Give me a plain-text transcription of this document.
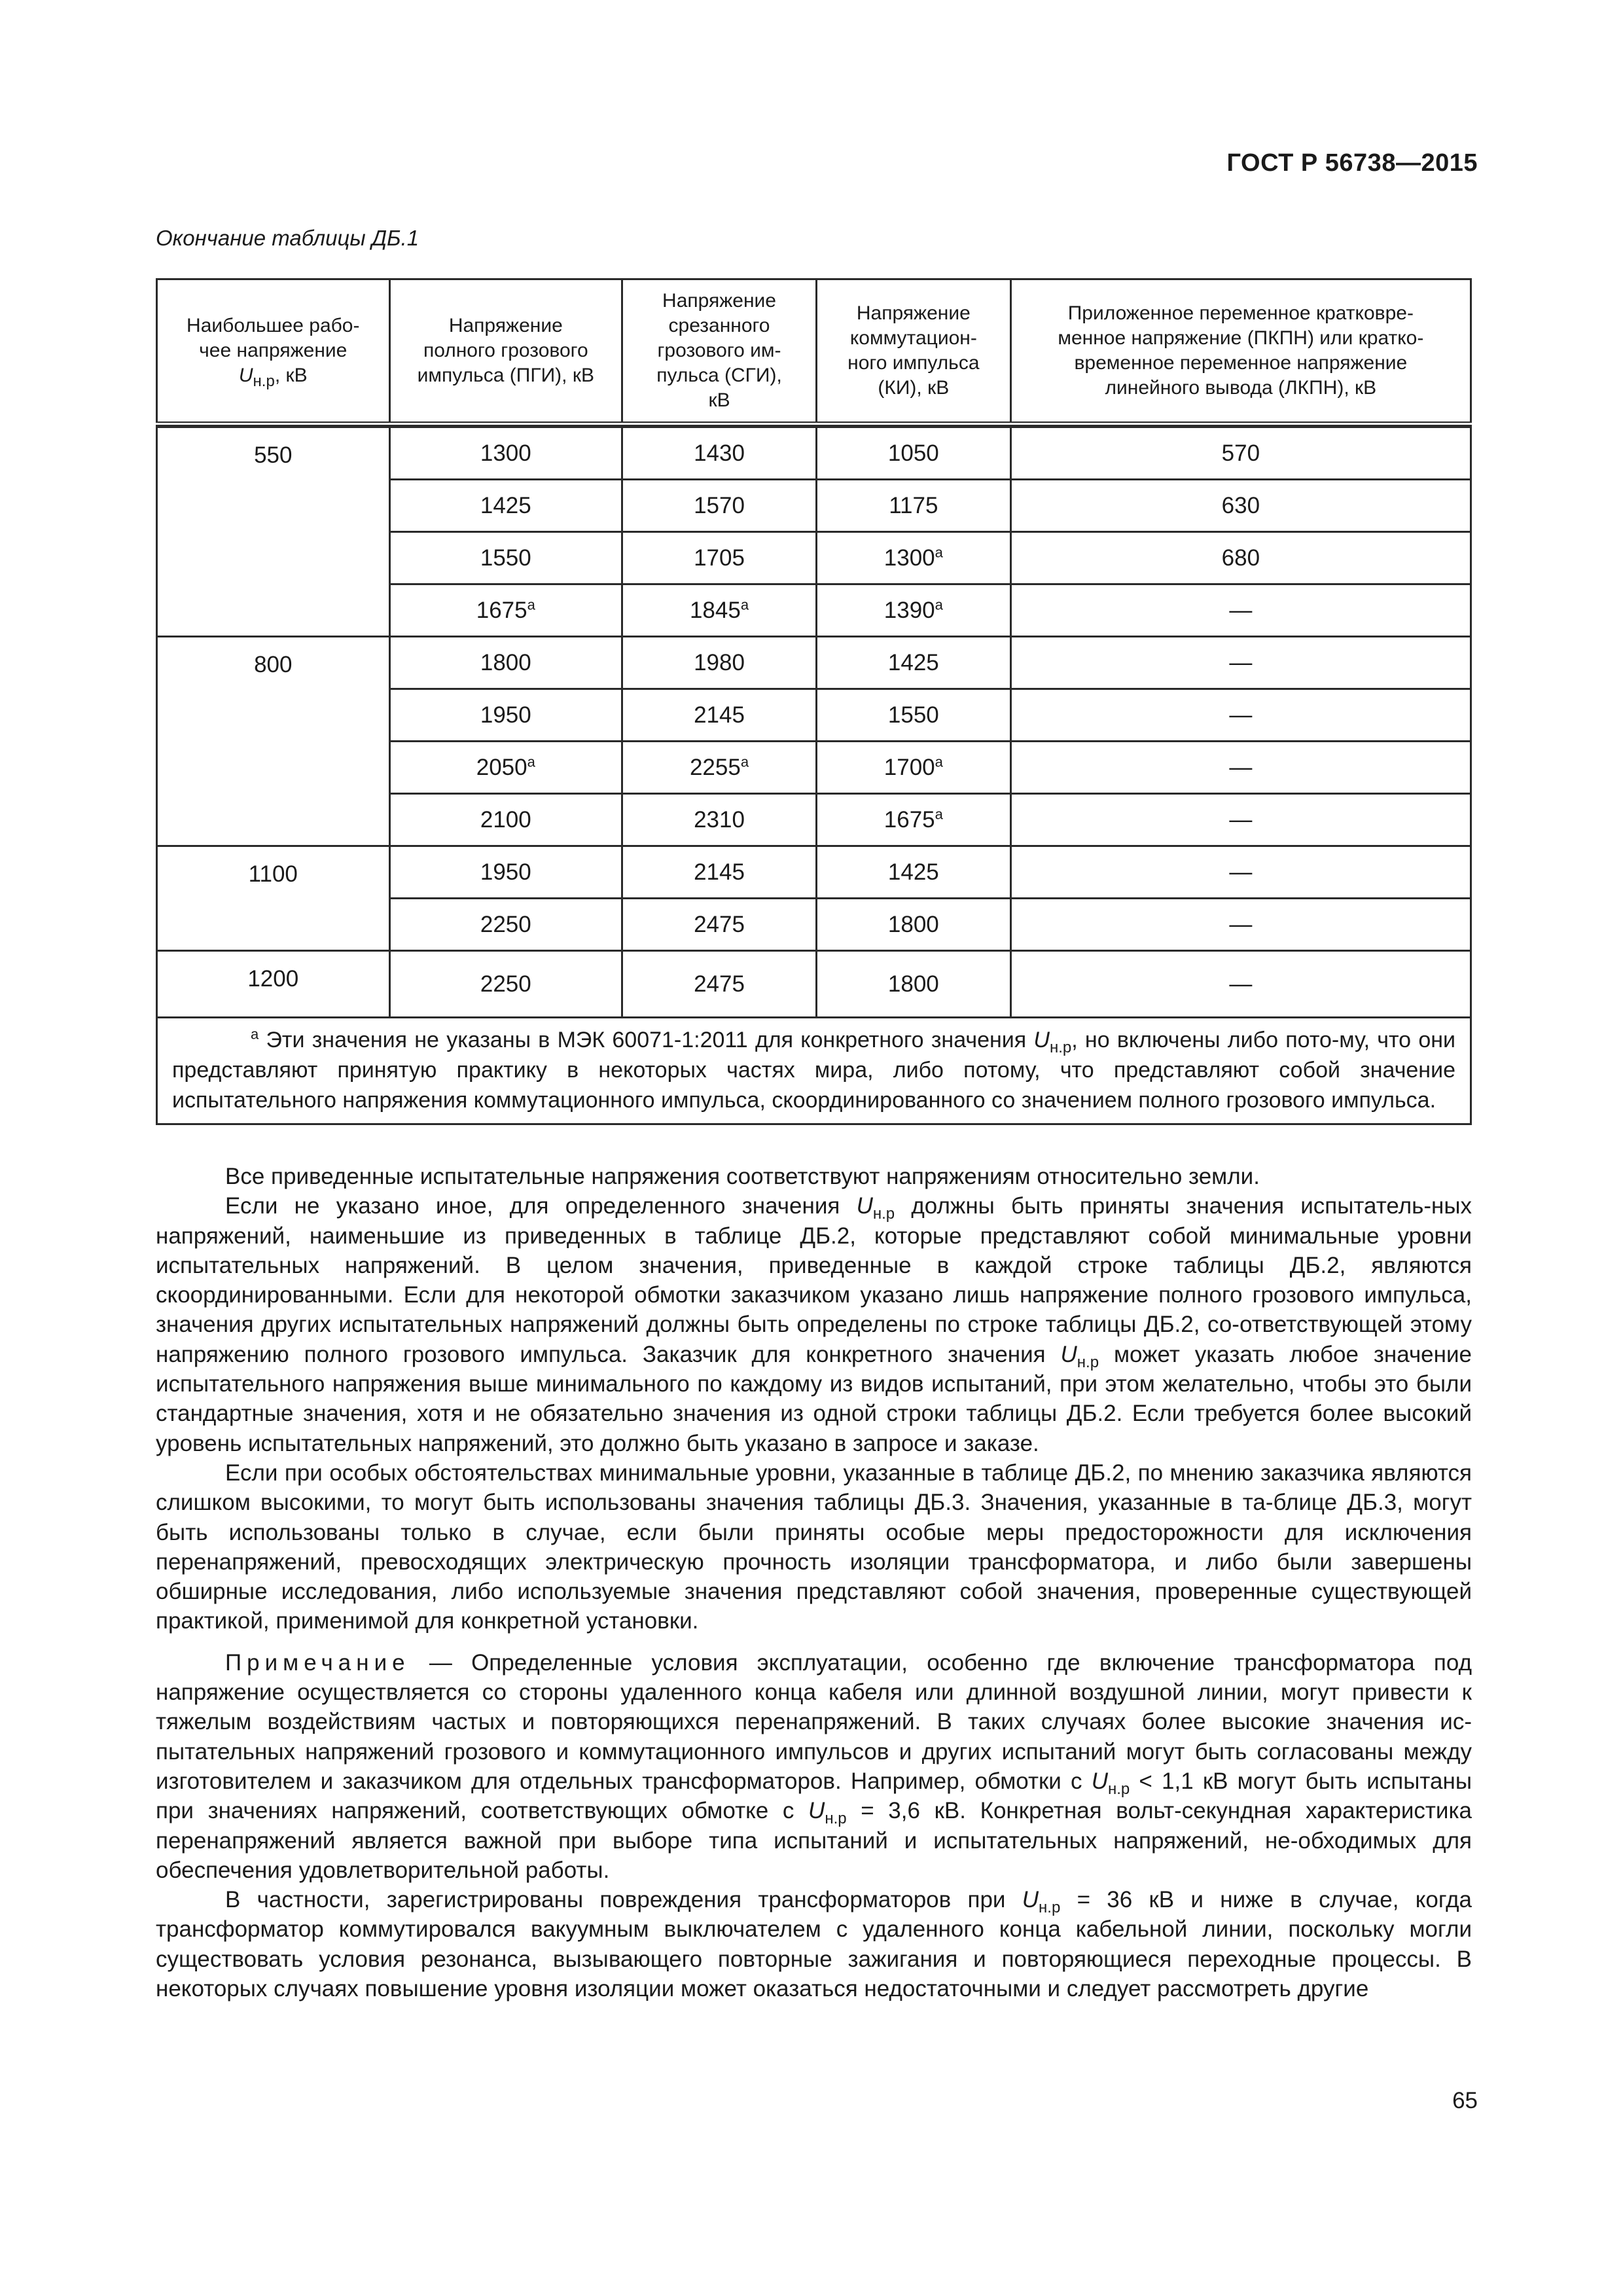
ГОСТ Р 56738—2015
Окончание таблицы ДБ.1
Наибольшее рабо-чее напряжение
$U_{н.р}$, кВ	Напряжение полного грозового импульса (ПГИ), кВ	Напряжение срезанного грозового им-пульса (СГИ), кВ	Напряжение коммутацион-ного импульса (КИ), кВ	Приложенное переменное кратковре-менное напряжение (ПКПН) или кратко-временное переменное напряжение линейного вывода (ЛКПН), кВ

550	1300	1430	1050	570
	1425	1570	1175	630
	1550	1705	$1300^а$	680
	$1675^а$	$1845^а$	$1390^а$	—
800	1800	1980	1425	—
	1950	2145	1550	—
	$2050^а$	$2255^а$	$1700^а$	—
	2100	2310	$1675^а$	—
1100	1950	2145	1425	—
	2250	2475	1800	—
1200	2250	2475	1800	—
$^а$ Эти значения не указаны в МЭК 60071-1:2011 для конкретного значения $U_{н.р}$, но включены либо пото-му, что они представляют принятую практику в некоторых частях мира, либо потому, что представляют собой значение испытательного напряжения коммутационного импульса, скоординированного со значением полного грозового импульса.				

Все приведенные испытательные напряжения соответствуют напряжениям относительно земли.

Если не указано иное, для определенного значения $U_{н.р}$ должны быть приняты значения испытатель-ных напряжений, наименьшие из приведенных в таблице ДБ.2, которые представляют собой минимальные уровни испытательных напряжений. В целом значения, приведенные в каждой строке таблицы ДБ.2, являются скоординированными. Если для некоторой обмотки заказчиком указано лишь напряжение полного грозового импульса, значения других испытательных напряжений должны быть определены по строке таблицы ДБ.2, со-ответствующей этому напряжению полного грозового импульса. Заказчик для конкретного значения $U_{н.р}$ может указать любое значение испытательного напряжения выше минимального по каждому из видов испытаний, при этом желательно, чтобы это были стандартные значения, хотя и не обязательно значения из одной строки таблицы ДБ.2. Если требуется более высокий уровень испытательных напряжений, это должно быть указано в запросе и заказе.

Если при особых обстоятельствах минимальные уровни, указанные в таблице ДБ.2, по мнению заказчика являются слишком высокими, то могут быть использованы значения таблицы ДБ.3. Значения, указанные в та-блице ДБ.3, могут быть использованы только в случае, если были приняты особые меры предосторожности для исключения перенапряжений, превосходящих электрическую прочность изоляции трансформатора, и либо были завершены обширные исследования, либо используемые значения представляют собой значения, проверенные существующей практикой, применимой для конкретной установки.

Примечание — Определенные условия эксплуатации, особенно где включение трансформатора под напряжение осуществляется со стороны удаленного конца кабеля или длинной воздушной линии, могут привести к тяжелым воздействиям частых и повторяющихся перенапряжений. В таких случаях более высокие значения ис-пытательных напряжений грозового и коммутационного импульсов и других испытаний могут быть согласованы между изготовителем и заказчиком для отдельных трансформаторов. Например, обмотки с $U_{н.р} < 1,1$ кВ могут быть испытаны при значениях напряжений, соответствующих обмотке с $U_{н.р} = 3,6$ кВ. Конкретная вольт-секундная характеристика перенапряжений является важной при выборе типа испытаний и испытательных напряжений, не-обходимых для обеспечения удовлетворительной работы.

В частности, зарегистрированы повреждения трансформаторов при $U_{н.р} = 36$ кВ и ниже в случае, когда трансформатор коммутировался вакуумным выключателем с удаленного конца кабельной линии, поскольку могли существовать условия резонанса, вызывающего повторные зажигания и повторяющиеся переходные процессы. В некоторых случаях повышение уровня изоляции может оказаться недостаточными и следует рассмотреть другие

65
